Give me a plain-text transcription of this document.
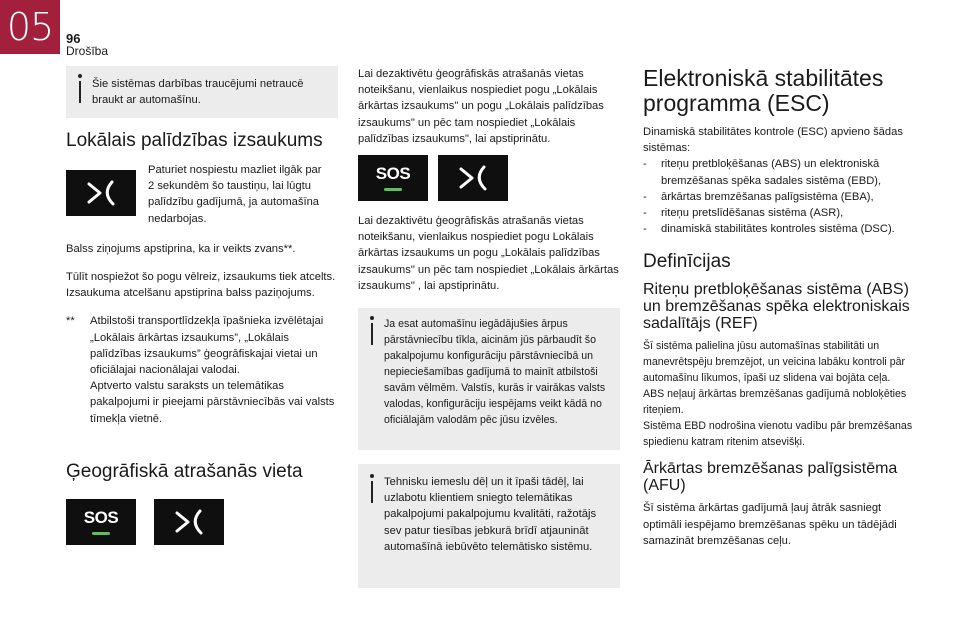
05 96
Drošība

Šie sistēmas darbības traucējumi netraucē braukt ar automašīnu.

Lokālais palīdzības izsaukums

Paturiet nospiestu mazliet ilgāk par 2 sekundēm šo taustiņu, lai lūgtu palīdzību gadījumā, ja automašīna nedarbojas.

Balss ziņojums apstiprina, ka ir veikts zvans**.

Tūlīt nospiežot šo pogu vēlreiz, izsaukums tiek atcelts.
Izsaukuma atcelšanu apstiprina balss paziņojums.

**	Atbilstoši transportlīdzekļa īpašnieka izvēlētajai „Lokālais ārkārtas izsaukums”, „Lokālais palīdzības izsaukums” ģeogrāfiskajai vietai un oficiālajai nacionālajai valodai.
Aptverto valstu saraksts un telemātikas pakalpojumi ir pieejami pārstāvniecībās vai valsts tīmekļa vietnē.
Ģeogrāfiskā atrašanās vieta
SOS

Lai dezaktivētu ģeogrāfiskās atrašanās vietas noteikšanu, vienlaikus nospiediet pogu „Lokālais ārkārtas izsaukums" un pogu „Lokālais palīdzības izsaukums" un pēc tam nospiediet „Lokālais palīdzības izsaukums", lai apstiprinātu.

SOS

Lai dezaktivētu ģeogrāfiskās atrašanās vietas noteikšanu, vienlaikus nospiediet pogu Lokālais ārkārtas izsaukums un pogu „Lokālais palīdzības izsaukums" un pēc tam nospiediet „Lokālais ārkārtas izsaukums" , lai apstiprinātu.

Ja esat automašīnu iegādājušies ārpus pārstāvniecību tīkla, aicinām jūs pārbaudīt šo pakalpojumu konfigurāciju pārstāvniecībā un nepieciešamības gadījumā to mainīt atbilstoši savām vēlmēm. Valstīs, kurās ir vairākas valsts valodas, konfigurāciju iespējams veikt kādā no oficiālajām valodām pēc jūsu izvēles.

Tehnisku iemeslu dēļ un it īpaši tādēļ, lai uzlabotu klientiem sniegto telemātikas pakalpojumi pakalpojumu kvalitāti, ražotājs sev patur tiesības jebkurā brīdī atjaunināt automašīnā iebūvēto telemātisko sistēmu.

Elektroniskā stabilitātes programma (ESC)

Dinamiskā stabilitātes kontrole (ESC) apvieno šādas sistēmas:

- riteņu pretbloķēšanas (ABS) un elektroniskā bremzēšanas spēka sadales sistēma (EBD),
- ārkārtas bremzēšanas palīgsistēma (EBA),
- riteņu pretslīdēšanas sistēma (ASR),
- dinamiskā stabilitātes kontroles sistēma (DSC).
Definīcijas
Riteņu pretbloķēšanas sistēma (ABS) un bremzēšanas spēka elektroniskais sadalītājs (REF)

Šī sistēma palielina jūsu automašīnas stabilitāti un manevrētspēju bremzējot, un veicina labāku kontroli pār automašīnu līkumos, īpaši uz slidena vai bojāta ceļa.
ABS neļauj ārkārtas bremzēšanas gadījumā nobloķēties riteņiem.
Sistēma EBD nodrošina vienotu vadību pār bremzēšanas spiedienu katram ritenim atsevišķi.

Ārkārtas bremzēšanas palīgsistēma (AFU)

Šī sistēma ārkārtas gadījumā ļauj ātrāk sasniegt optimāli iespējamo bremzēšanas spēku un tādējādi samazināt bremzēšanas ceļu.
